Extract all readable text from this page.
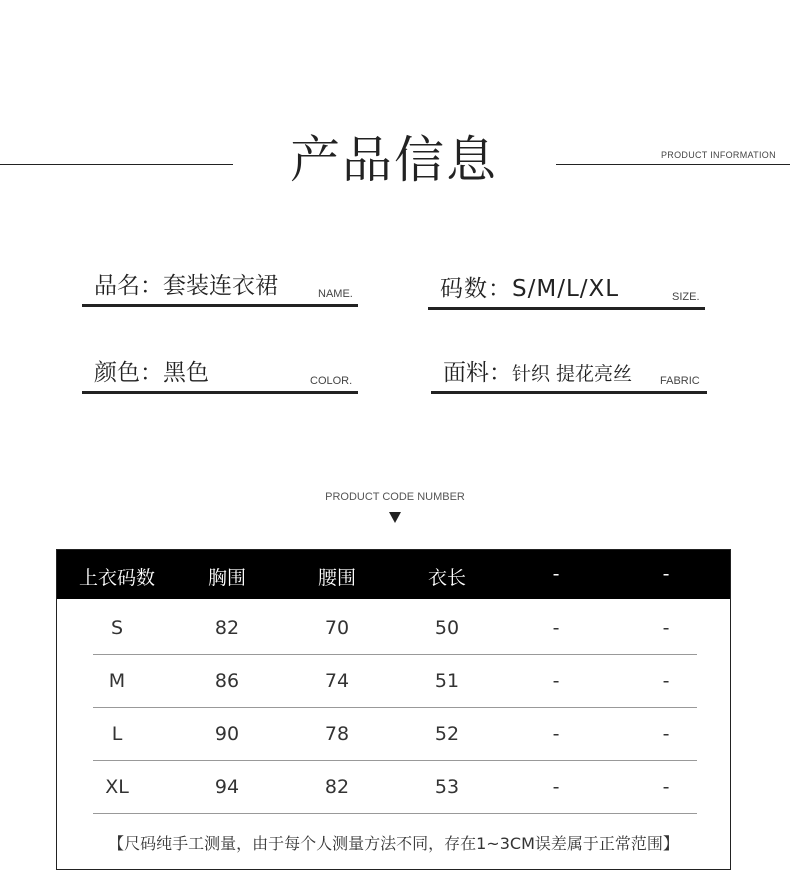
产品信息	PRODUCT INFORMATION
品名：套装连衣裙	NAME.	码数：S/M/L/XL	SIZE.
颜色：黑色	COLOR.	面料：针织 提花亮丝	FABRIC
PRODUCT CODE NUMBER
上衣码数	胸围	腰围	衣长	-	-
S	82	70	50	-	-
M	86	74	51	-	-
L	90	78	52	-	-
XL	94	82	53	-	-
【尺码纯手工测量，由于每个人测量方法不同，存在1~3CM误差属于正常范围】
